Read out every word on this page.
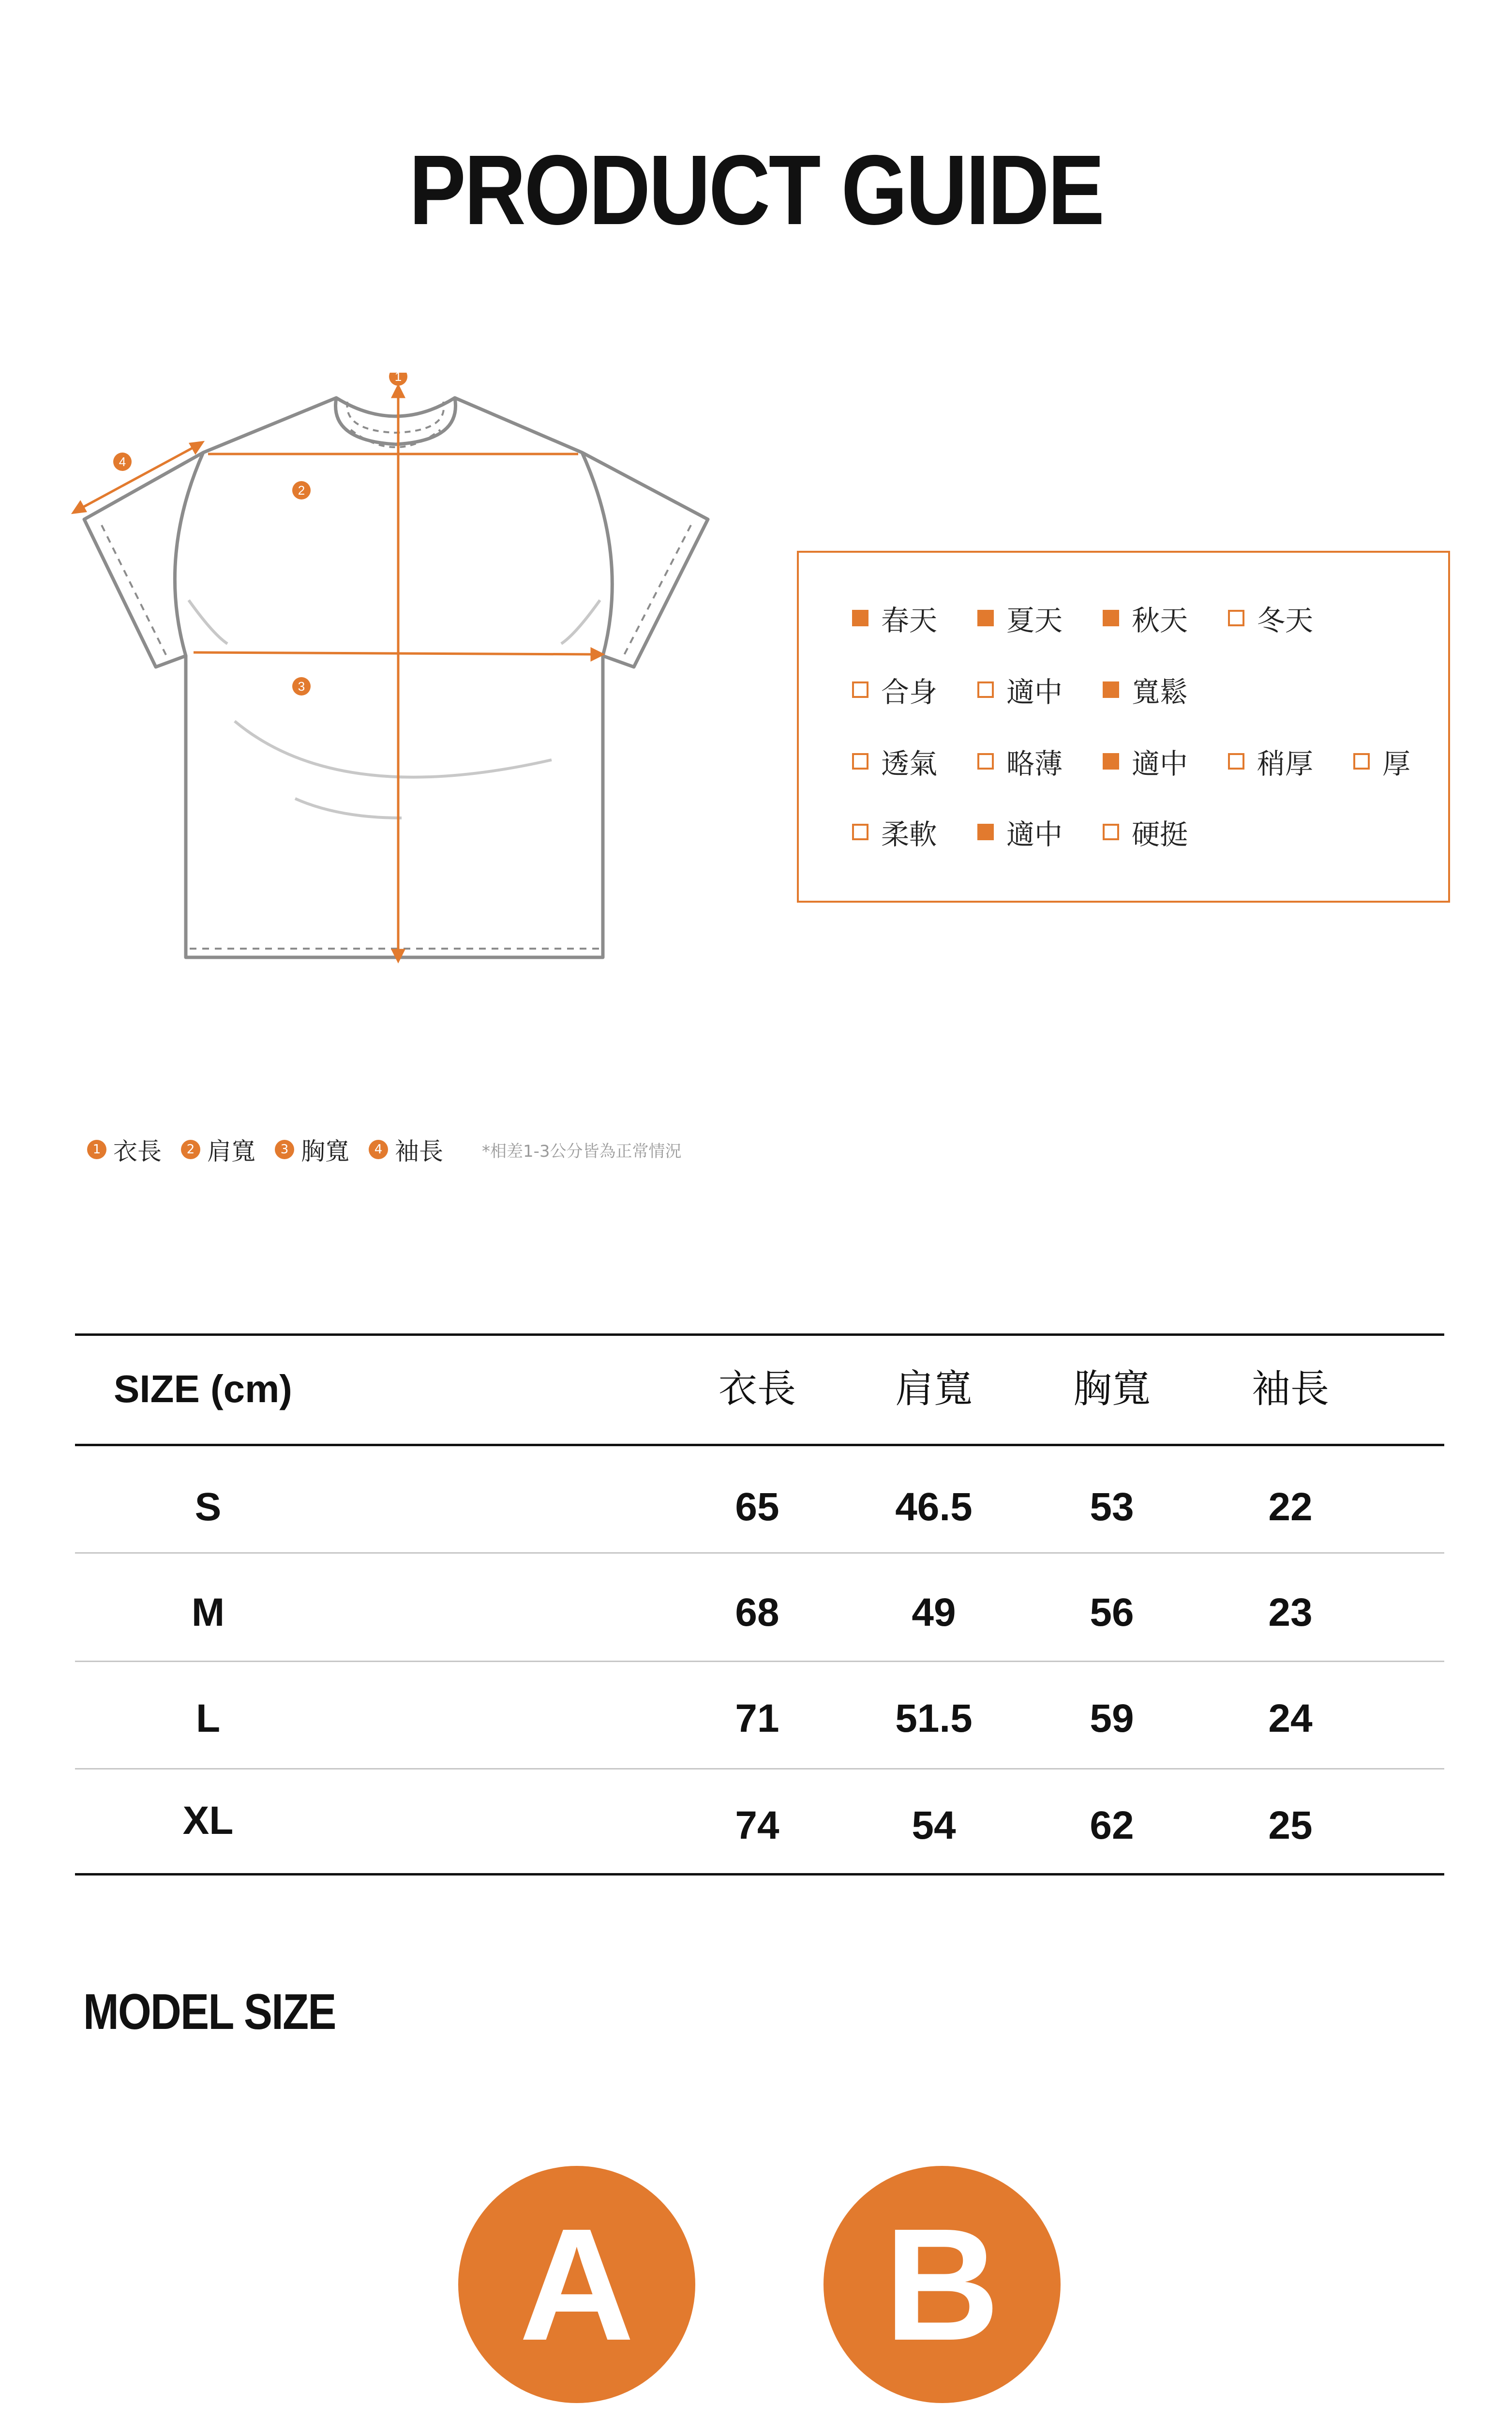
PRODUCT GUIDE
1
2
3
4
春天 夏天 秋天 冬天
合身 適中 寬鬆
透氣 略薄 適中 稍厚 厚
柔軟 適中 硬挺
1 衣長	2 肩寬	3 胸寬	4 袖長 *相差1-3公分皆為正常情況
SIZE (cm)	衣長	肩寬	胸寬	袖長
S	65	46.5	53	22
M	68	49	56	23
L	71	51.5	59	24
XL	74	54	62	25
MODEL SIZE
A	B
